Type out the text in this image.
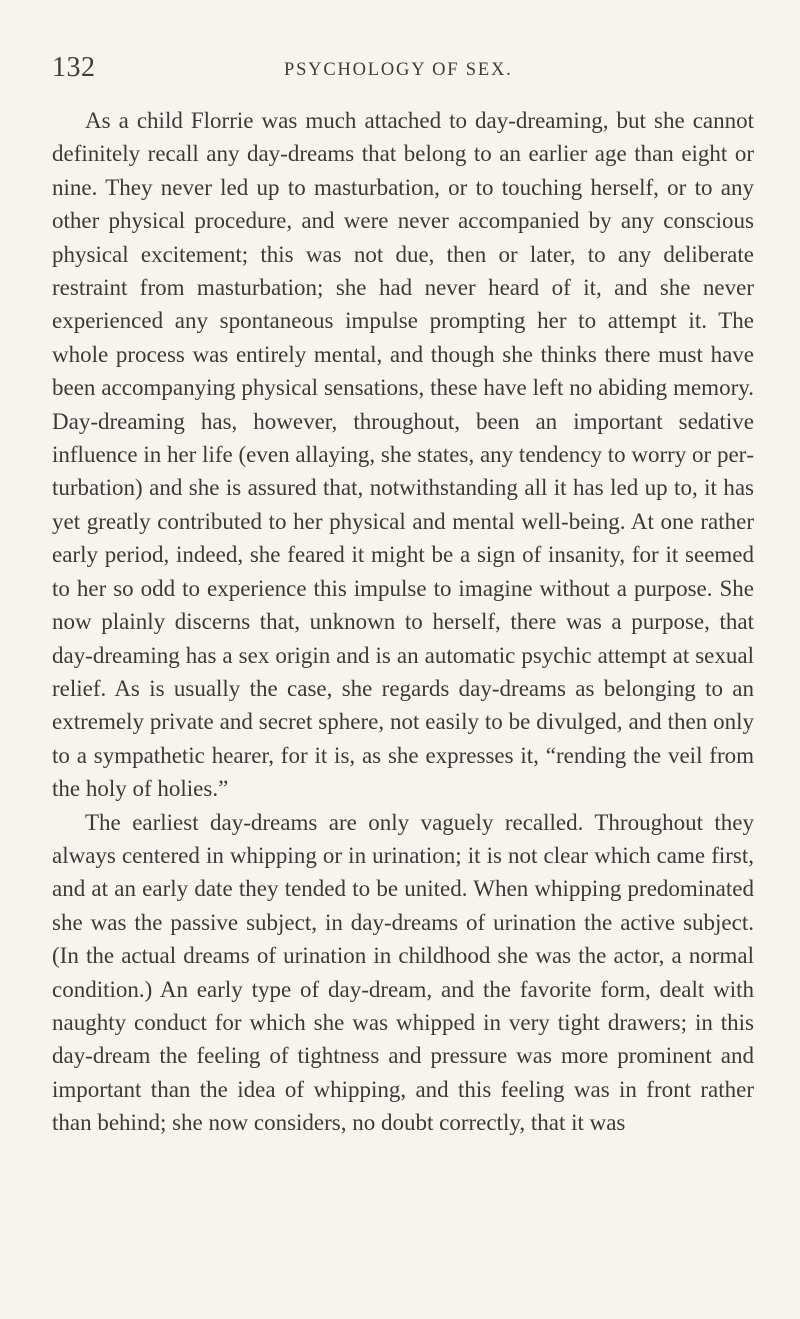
132	PSYCHOLOGY OF SEX.

As a child Florrie was much attached to day-dreaming, but she cannot definitely recall any day-dreams that belong to an earlier age than eight or nine. They never led up to masturbation, or to touching herself, or to any other physical procedure, and were never accompanied by any conscious physical excitement; this was not due, then or later, to any deliberate restraint from masturbation; she had never heard of it, and she never experienced any spontaneous impulse prompting her to attempt it. The whole process was entirely mental, and though she thinks there must have been accompanying physical sensations, these have left no abiding memory. Day-dreaming has, however, throughout, been an important sedative influence in her life (even allaying, she states, any tendency to worry or perturbation) and she is assured that, notwithstanding all it has led up to, it has yet greatly contributed to her physical and mental well-being. At one rather early period, indeed, she feared it might be a sign of insanity, for it seemed to her so odd to experience this impulse to imagine without a purpose. She now plainly discerns that, unknown to herself, there was a purpose, that day-dreaming has a sex origin and is an automatic psychic attempt at sexual relief. As is usually the case, she regards day-dreams as belonging to an extremely private and secret sphere, not easily to be divulged, and then only to a sympathetic hearer, for it is, as she expresses it, “rending the veil from the holy of holies.”

The earliest day-dreams are only vaguely recalled. Throughout they always centered in whipping or in urination; it is not clear which came first, and at an early date they tended to be united. When whipping predominated she was the passive subject, in day-dreams of urination the active subject. (In the actual dreams of urination in childhood she was the actor, a normal condition.) An early type of day-dream, and the favorite form, dealt with naughty conduct for which she was whipped in very tight drawers; in this day-dream the feeling of tightness and pressure was more prominent and important than the idea of whipping, and this feeling was in front rather than behind; she now considers, no doubt correctly, that it was
